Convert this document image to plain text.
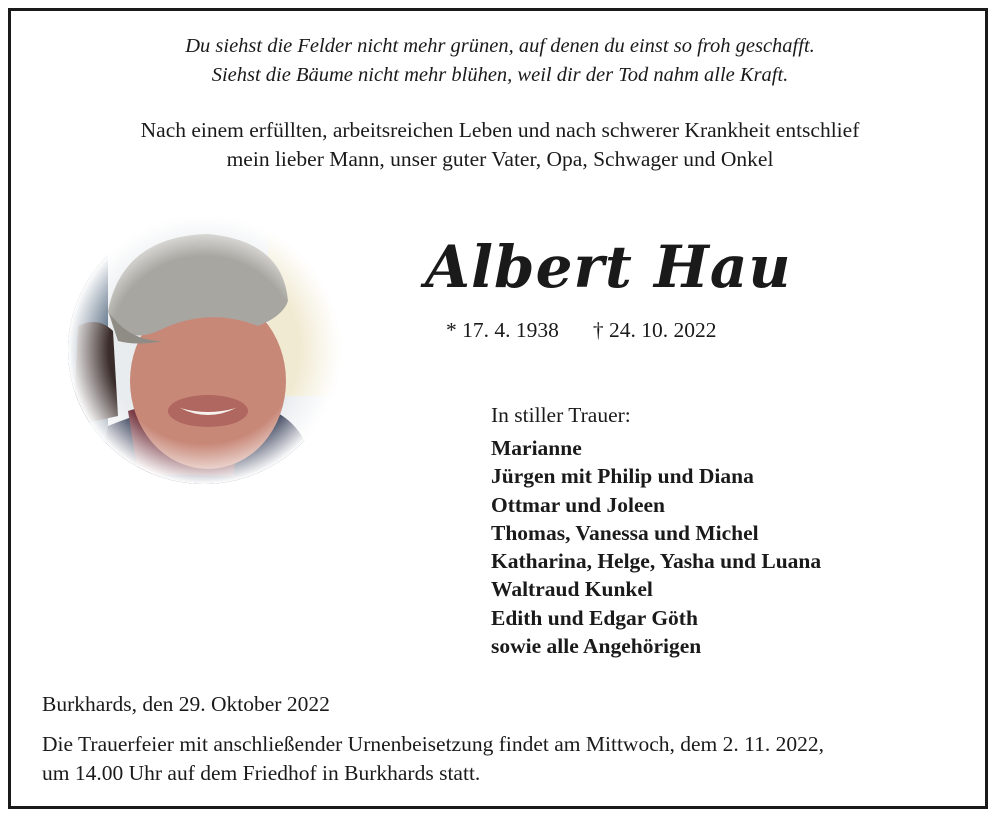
Du siehst die Felder nicht mehr grünen, auf denen du einst so froh geschafft.
Siehst die Bäume nicht mehr blühen, weil dir der Tod nahm alle Kraft.
Nach einem erfüllten, arbeitsreichen Leben und nach schwerer Krankheit entschlief
mein lieber Mann, unser guter Vater, Opa, Schwager und Onkel
Albert Hau
* 17. 4. 1938 † 24. 10. 2022
In stiller Trauer:
Marianne
Jürgen mit Philip und Diana
Ottmar und Joleen
Thomas, Vanessa und Michel
Katharina, Helge, Yasha und Luana
Waltraud Kunkel
Edith und Edgar Göth
sowie alle Angehörigen
Burkhards, den 29. Oktober 2022
Die Trauerfeier mit anschließender Urnenbeisetzung findet am Mittwoch, dem 2. 11. 2022,
um 14.00 Uhr auf dem Friedhof in Burkhards statt.
